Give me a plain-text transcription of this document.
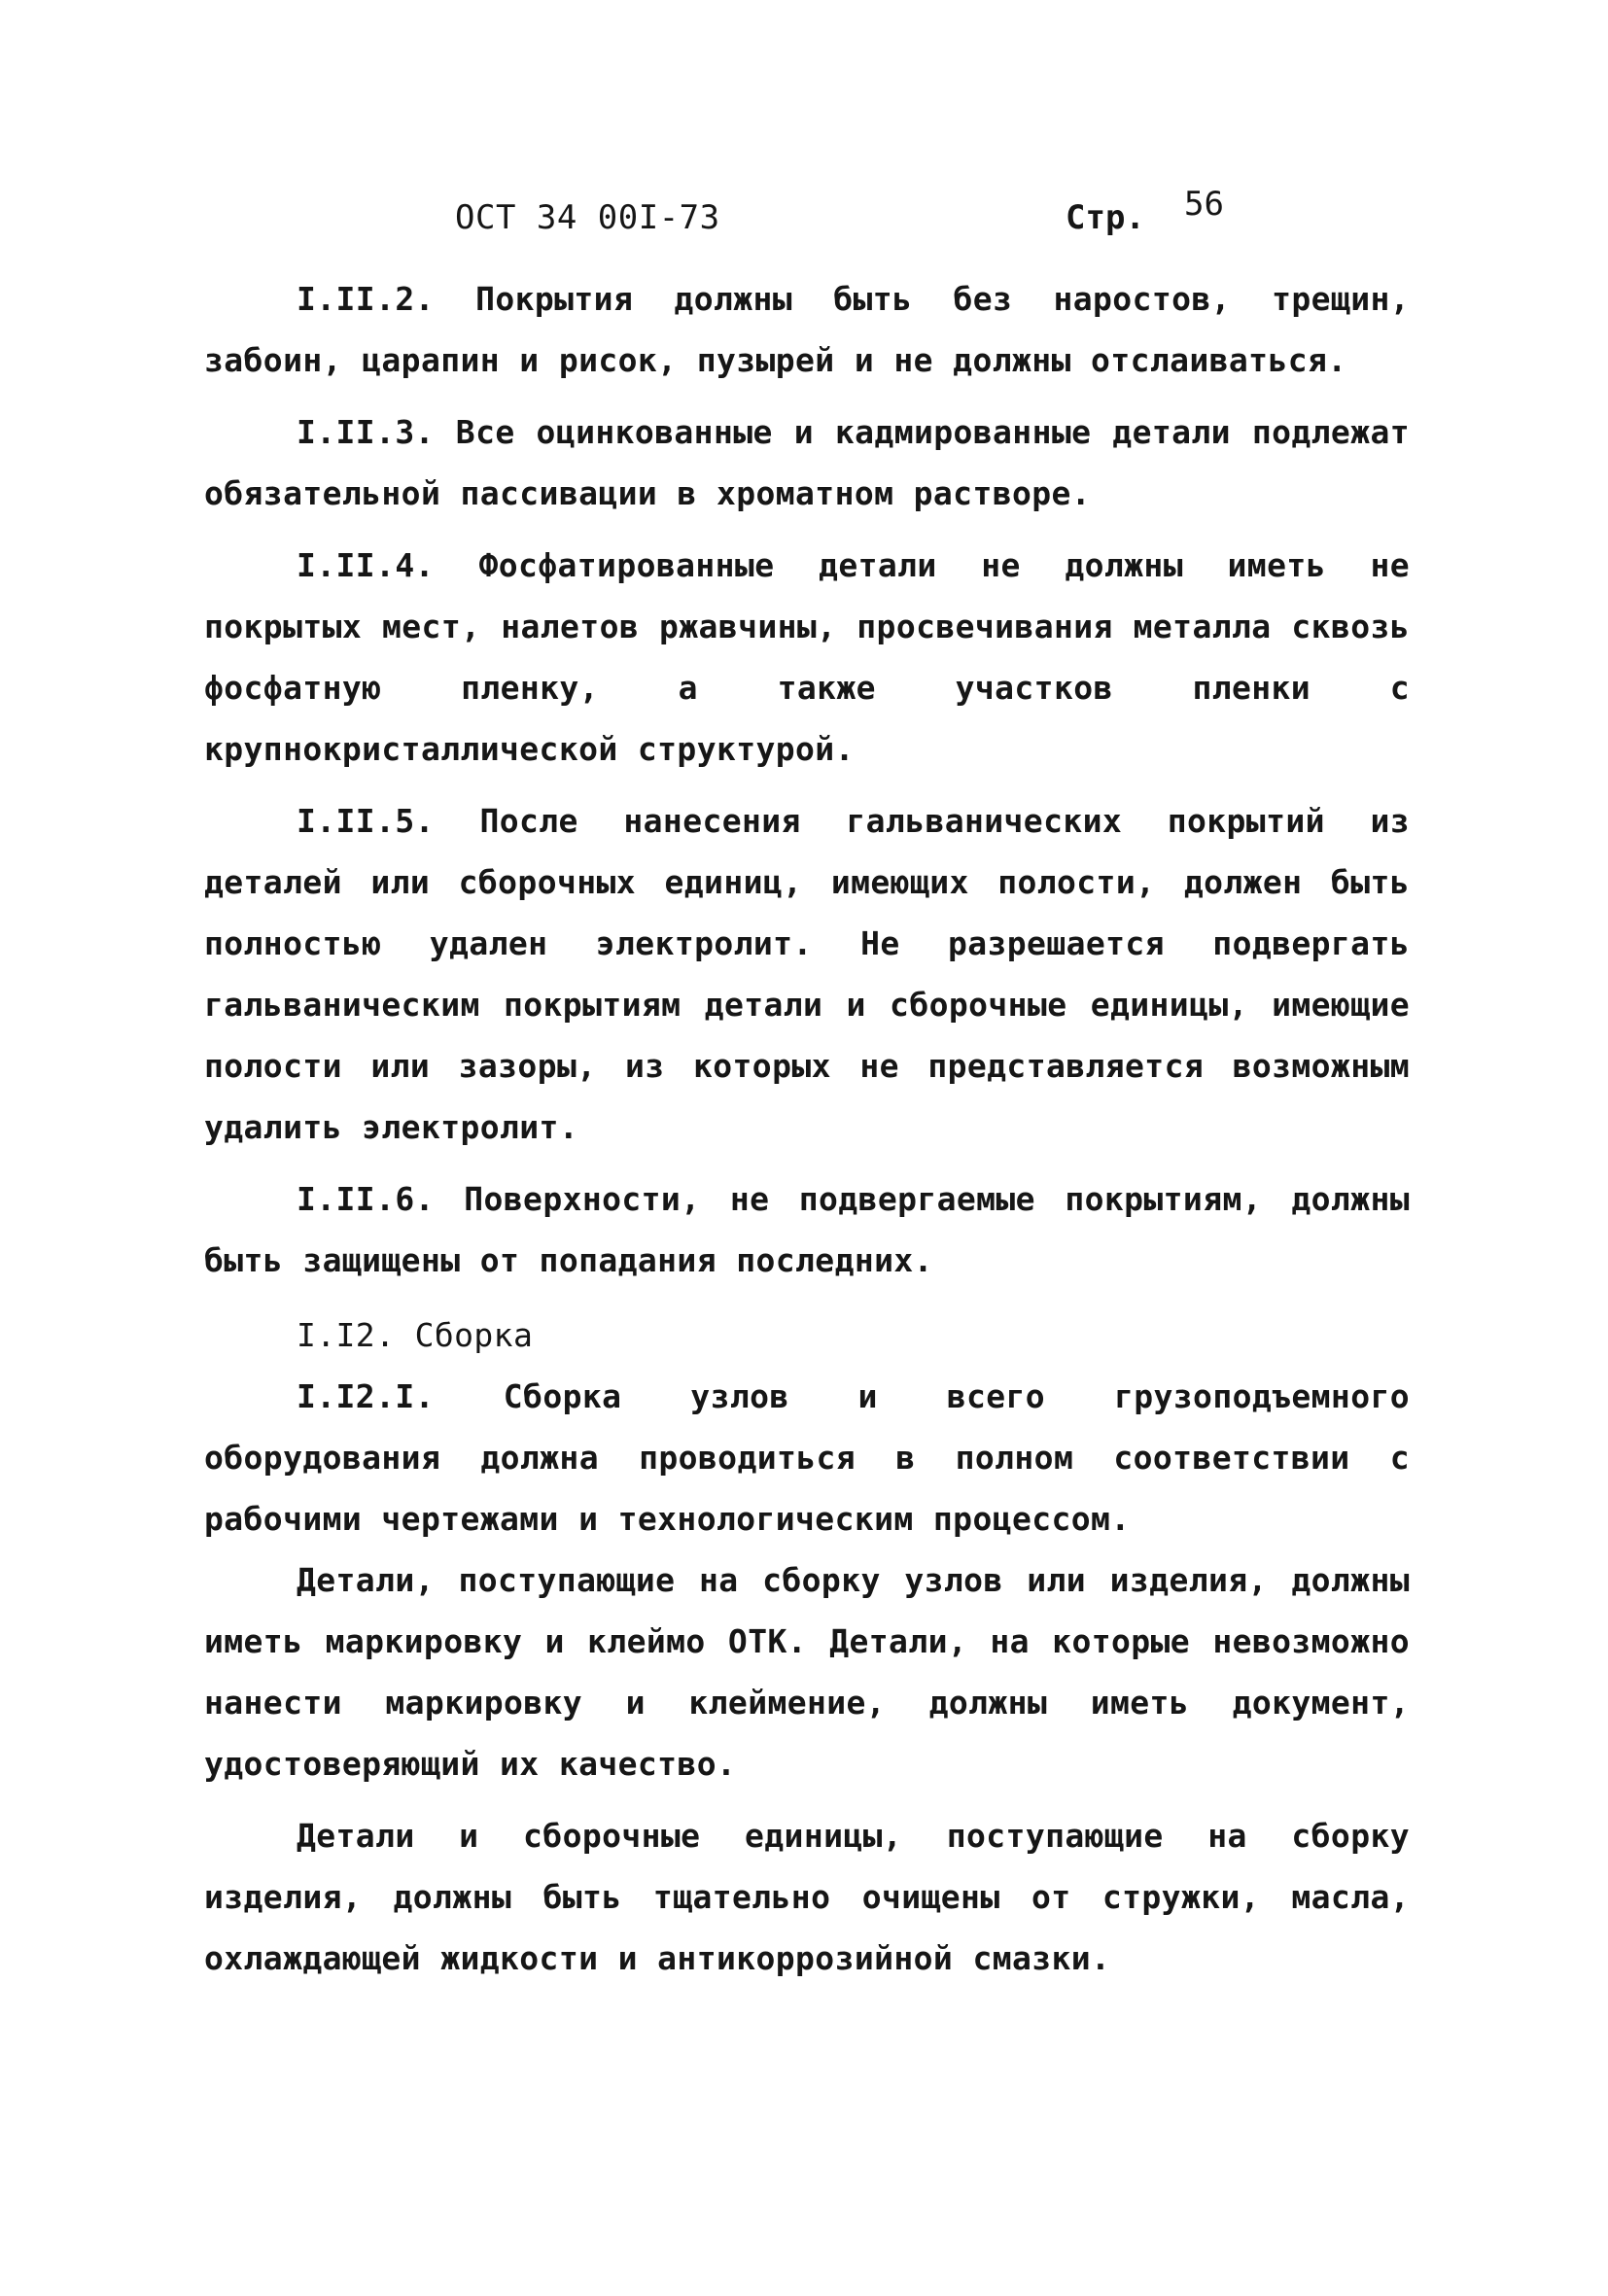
ОСТ 34 00I-73	Стр. 56

I.II.2. Покрытия должны быть без наростов, трещин, забоин, царапин и рисок, пузырей и не должны отслаиваться.

I.II.3. Все оцинкованные и кадмированные детали подлежат обязательной пассивации в хроматном растворе.

I.II.4. Фосфатированные детали не должны иметь не покрытых мест, налетов ржавчины, просвечивания металла сквозь фосфатную пленку, а также участков пленки с крупнокристаллической структурой.

I.II.5. После нанесения гальванических покрытий из деталей или сборочных единиц, имеющих полости, должен быть полностью удален электролит. Не разрешается подвергать гальваническим покрытиям детали и сборочные единицы, имеющие полости или зазоры, из которых не представляется возможным удалить электролит.

I.II.6. Поверхности, не подвергаемые покрытиям, должны быть защищены от попадания последних.

I.I2. Сборка

I.I2.I. Сборка узлов и всего грузоподъемного оборудования должна проводиться в полном соответствии с рабочими чертежами и технологическим процессом.

Детали, поступающие на сборку узлов или изделия, должны иметь маркировку и клеймо ОТК. Детали, на которые невозможно нанести маркировку и клеймение, должны иметь документ, удостоверяющий их качество.

Детали и сборочные единицы, поступающие на сборку изделия, должны быть тщательно очищены от стружки, масла, охлаждающей жидкости и антикоррозийной смазки.
